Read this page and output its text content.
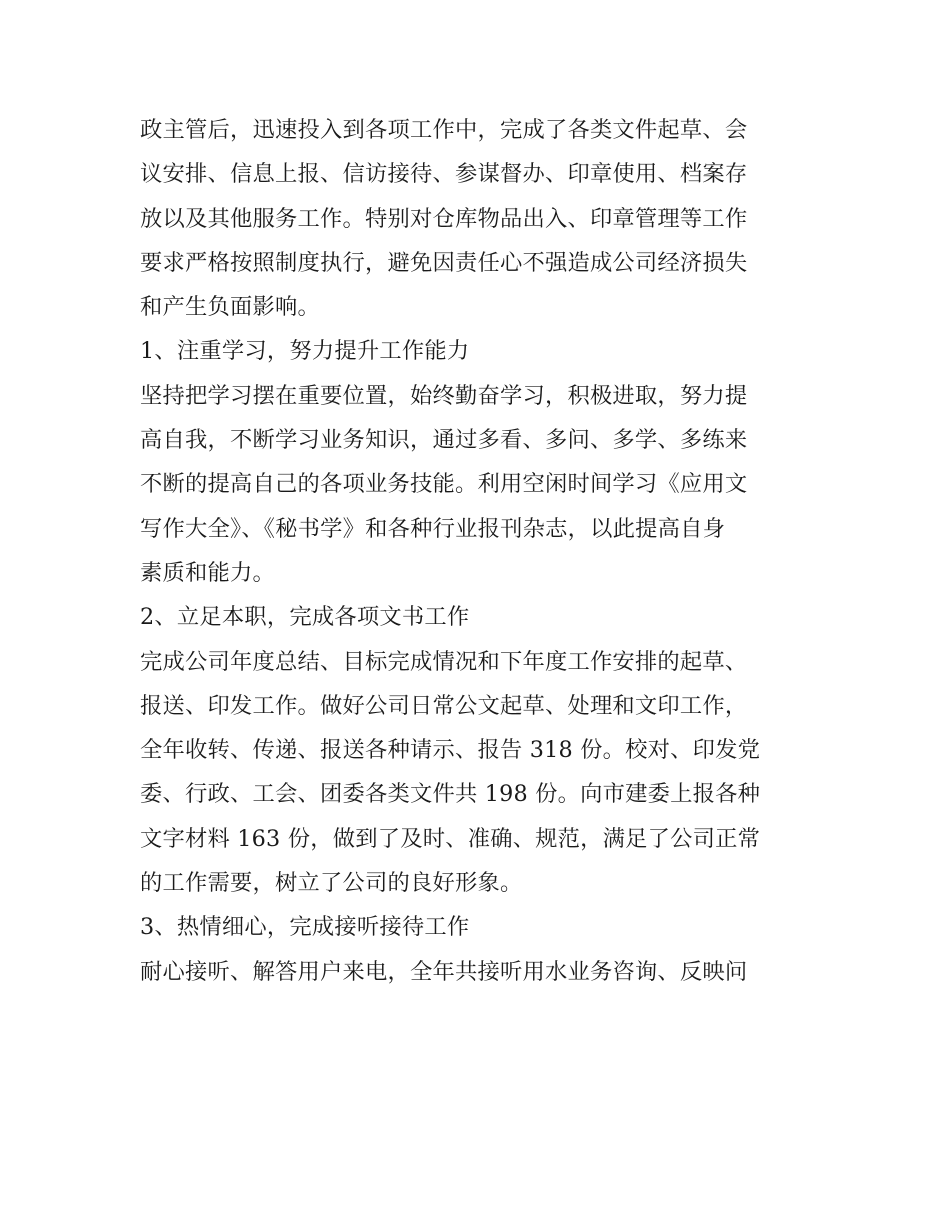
政主管后，迅速投入到各项工作中，完成了各类文件起草、会
议安排、信息上报、信访接待、参谋督办、印章使用、档案存
放以及其他服务工作。特别对仓库物品出入、印章管理等工作
要求严格按照制度执行，避免因责任心不强造成公司经济损失
和产生负面影响。
1、注重学习，努力提升工作能力
坚持把学习摆在重要位置，始终勤奋学习，积极进取，努力提
高自我，不断学习业务知识，通过多看、多问、多学、多练来
不断的提高自己的各项业务技能。利用空闲时间学习《应用文
写作大全》、《秘书学》和各种行业报刊杂志，以此提高自身
素质和能力。
2、立足本职，完成各项文书工作
完成公司年度总结、目标完成情况和下年度工作安排的起草、
报送、印发工作。做好公司日常公文起草、处理和文印工作，
全年收转、传递、报送各种请示、报告 318 份。校对、印发党
委、行政、工会、团委各类文件共 198 份。向市建委上报各种
文字材料 163 份，做到了及时、准确、规范，满足了公司正常
的工作需要，树立了公司的良好形象。
3、热情细心，完成接听接待工作
耐心接听、解答用户来电，全年共接听用水业务咨询、反映问
